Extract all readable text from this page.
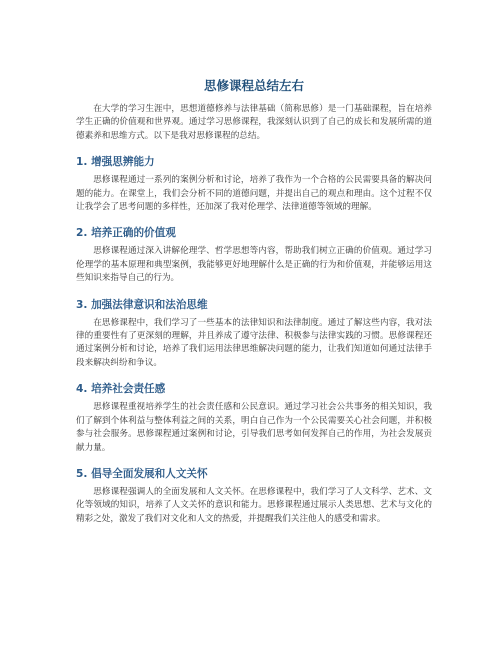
思修课程总结左右

在大学的学习生涯中，思想道德修养与法律基础（简称思修）是一门基础课程，旨在培养学生正确的价值观和世界观。通过学习思修课程，我深刻认识到了自己的成长和发展所需的道德素养和思维方式。以下是我对思修课程的总结。

1. 增强思辨能力

思修课程通过一系列的案例分析和讨论，培养了我作为一个合格的公民需要具备的解决问题的能力。在课堂上，我们会分析不同的道德问题，并提出自己的观点和理由。这个过程不仅让我学会了思考问题的多样性，还加深了我对伦理学、法律道德等领域的理解。

2. 培养正确的价值观

思修课程通过深入讲解伦理学、哲学思想等内容，帮助我们树立正确的价值观。通过学习伦理学的基本原理和典型案例，我能够更好地理解什么是正确的行为和价值观，并能够运用这些知识来指导自己的行为。

3. 加强法律意识和法治思维

在思修课程中，我们学习了一些基本的法律知识和法律制度。通过了解这些内容，我对法律的重要性有了更深刻的理解，并且养成了遵守法律、积极参与法律实践的习惯。思修课程还通过案例分析和讨论，培养了我们运用法律思维解决问题的能力，让我们知道如何通过法律手段来解决纠纷和争议。

4. 培养社会责任感

思修课程重视培养学生的社会责任感和公民意识。通过学习社会公共事务的相关知识，我们了解到个体利益与整体利益之间的关系，明白自己作为一个公民需要关心社会问题，并积极参与社会服务。思修课程通过案例和讨论，引导我们思考如何发挥自己的作用，为社会发展贡献力量。

5. 倡导全面发展和人文关怀

思修课程强调人的全面发展和人文关怀。在思修课程中，我们学习了人文科学、艺术、文化等领域的知识，培养了人文关怀的意识和能力。思修课程通过展示人类思想、艺术与文化的精彩之处，激发了我们对文化和人文的热爱，并提醒我们关注他人的感受和需求。
